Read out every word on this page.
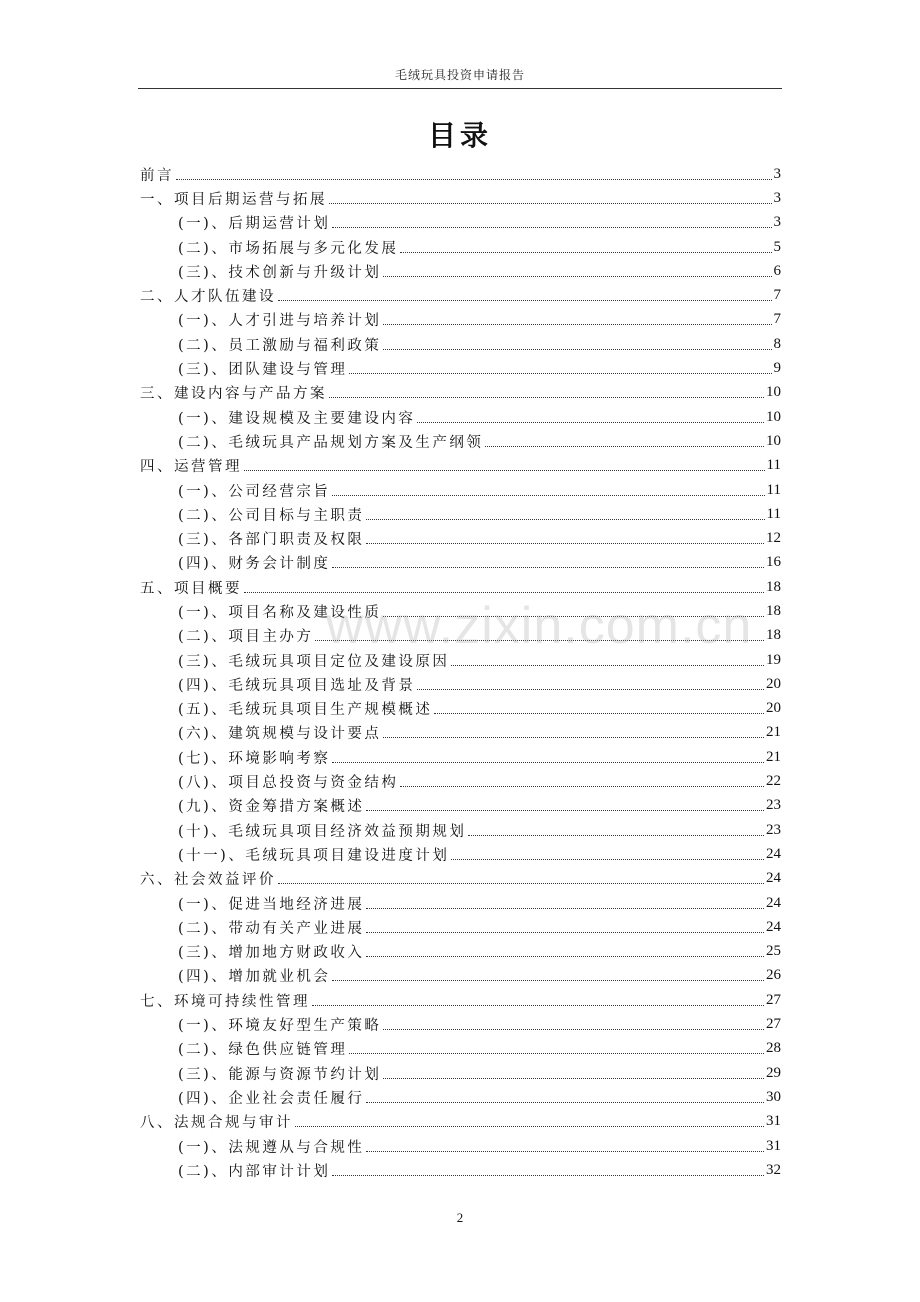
毛绒玩具投资申请报告
目录
前言	3
一、项目后期运营与拓展	3
(一)、后期运营计划	3
(二)、市场拓展与多元化发展	5
(三)、技术创新与升级计划	6
二、人才队伍建设	7
(一)、人才引进与培养计划	7
(二)、员工激励与福利政策	8
(三)、团队建设与管理	9
三、建设内容与产品方案	10
(一)、建设规模及主要建设内容	10
(二)、毛绒玩具产品规划方案及生产纲领	10
四、运营管理	11
(一)、公司经营宗旨	11
(二)、公司目标与主职责	11
(三)、各部门职责及权限	12
(四)、财务会计制度	16
五、项目概要	18
(一)、项目名称及建设性质	18
(二)、项目主办方	18
(三)、毛绒玩具项目定位及建设原因	19
(四)、毛绒玩具项目选址及背景	20
(五)、毛绒玩具项目生产规模概述	20
(六)、建筑规模与设计要点	21
(七)、环境影响考察	21
(八)、项目总投资与资金结构	22
(九)、资金筹措方案概述	23
(十)、毛绒玩具项目经济效益预期规划	23
(十一)、毛绒玩具项目建设进度计划	24
六、社会效益评价	24
(一)、促进当地经济进展	24
(二)、带动有关产业进展	24
(三)、增加地方财政收入	25
(四)、增加就业机会	26
七、环境可持续性管理	27
(一)、环境友好型生产策略	27
(二)、绿色供应链管理	28
(三)、能源与资源节约计划	29
(四)、企业社会责任履行	30
八、法规合规与审计	31
(一)、法规遵从与合规性	31
(二)、内部审计计划	32
www.zixin.com.cn
2
